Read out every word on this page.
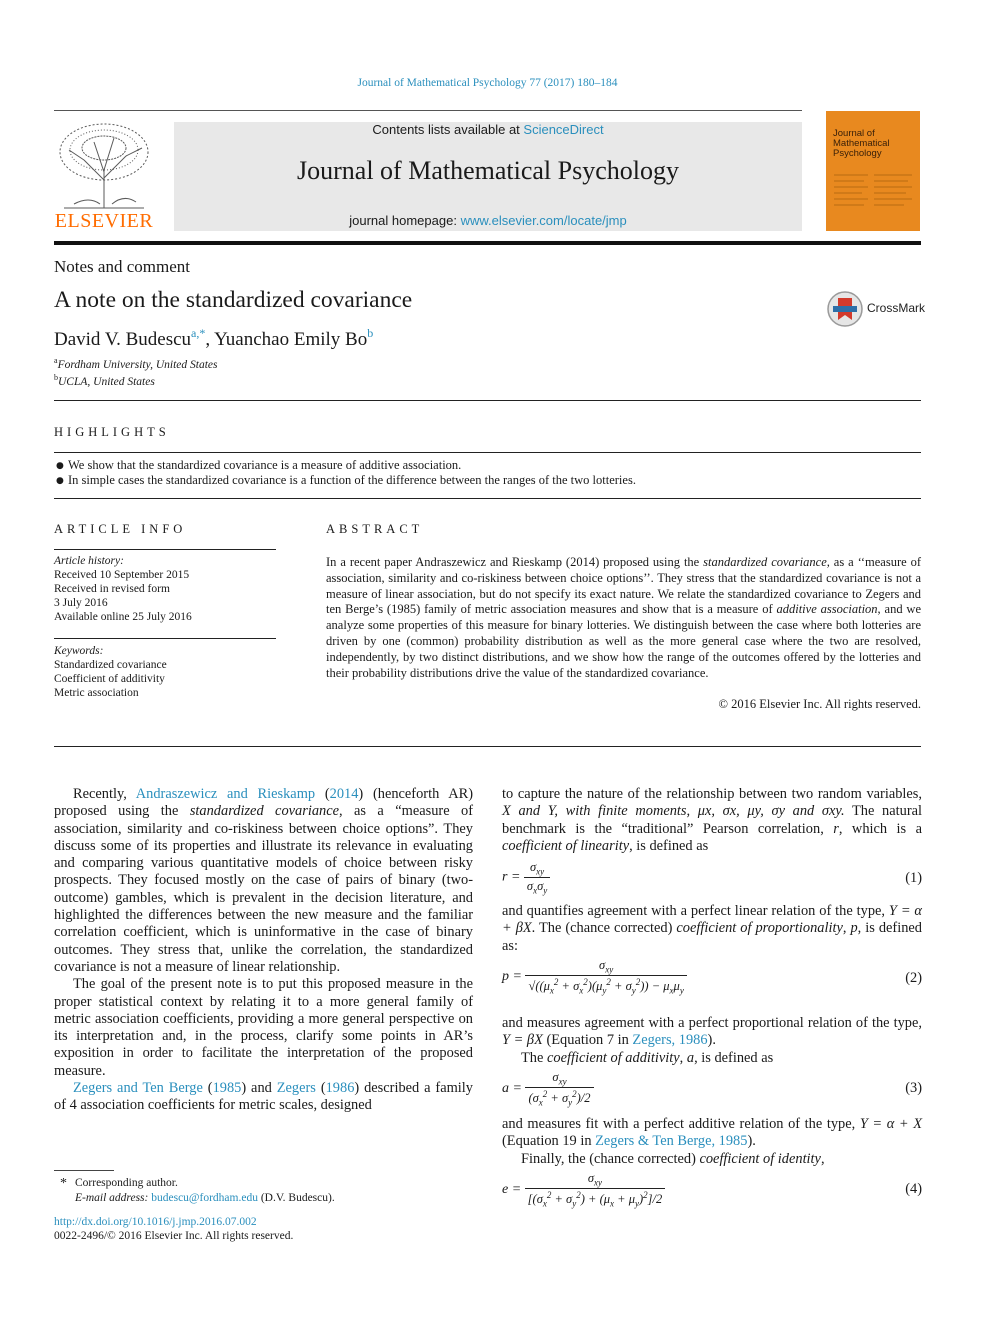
Journal of Mathematical Psychology 77 (2017) 180–184
ELSEVIER
Contents lists available at ScienceDirect
Journal of Mathematical Psychology
journal homepage: www.elsevier.com/locate/jmp
Journal of Mathematical Psychology
Notes and comment
A note on the standardized covariance
David V. Budescu$^{a,*}$, Yuanchao Emily Bo$^b$
$^a$Fordham University, United States
$^b$UCLA, United States
CrossMark
HIGHLIGHTS
● We show that the standardized covariance is a measure of additive association.
● In simple cases the standardized covariance is a function of the difference between the ranges of the two lotteries.
ARTICLE INFO
Article history:
Received 10 September 2015
Received in revised form
3 July 2016
Available online 25 July 2016
Keywords:
Standardized covariance
Coefficient of additivity
Metric association
ABSTRACT
In a recent paper Andraszewicz and Rieskamp (2014) proposed using the standardized covariance, as a ‘‘measure of association, similarity and co-riskiness between choice options’’. They stress that the standardized covariance is not a measure of linear association, but do not specify its exact nature. We relate the standardized covariance to Zegers and ten Berge’s (1985) family of metric association measures and show that is a measure of additive association, and we analyze some properties of this measure for binary lotteries. We distinguish between the case where both lotteries are driven by one (common) probability distribution as well as the more general case where the two are resolved, independently, by two distinct distributions, and we show how the range of the outcomes offered by the lotteries and their probability distributions drive the value of the standardized covariance.
© 2016 Elsevier Inc. All rights reserved.

Recently, Andraszewicz and Rieskamp (2014) (henceforth AR) proposed using the standardized covariance, as a “measure of association, similarity and co-riskiness between choice options”. They discuss some of its properties and illustrate its relevance in evaluating and comparing various quantitative models of choice between risky prospects. They focused mostly on the case of pairs of binary (two-outcome) gambles, which is prevalent in the decision literature, and highlighted the differences between the new measure and the familiar correlation coefficient, which is uninformative in the case of binary outcomes. They stress that, unlike the correlation, the standardized covariance is not a measure of linear relationship.

The goal of the present note is to put this proposed measure in the proper statistical context by relating it to a more general family of metric association coefficients, providing a more general perspective on its interpretation and, in the process, clarify some points in AR’s exposition in order to facilitate the interpretation of the proposed measure.

Zegers and Ten Berge (1985) and Zegers (1986) described a family of 4 association coefficients for metric scales, designed

to capture the nature of the relationship between two random variables, X and Y, with finite moments, μx, σx, μy, σy and σxy. The natural benchmark is the “traditional” Pearson correlation, r, which is a coefficient of linearity, is defined as
$r = \frac{\sigma_{xy}}{\sigma_x\sigma_y}$	(1)
and quantifies agreement with a perfect linear relation of the type, Y = α + βX. The (chance corrected) coefficient of proportionality, p, is defined as:
$p = \frac{\sigma_{xy}}{√((\mu_x^2 + \sigma_x^2)(\mu_y^2 + \sigma_y^2)) - \mu_x\mu_y}$	(2)

and measures agreement with a perfect proportional relation of the type, Y = βX (Equation 7 in Zegers, 1986).

The coefficient of additivity, a, is defined as

$a = \frac{\sigma_{xy}}{(\sigma_x^2 + \sigma_y^2)/2}$	(3)

and measures fit with a perfect additive relation of the type, Y = α + X (Equation 19 in Zegers & Ten Berge, 1985).

Finally, the (chance corrected) coefficient of identity,

$e = \frac{\sigma_{xy}}{[(\sigma_x^2 + \sigma_y^2) + (\mu_x + \mu_y)^2]/2}$	(4)
* Corresponding author.
E-mail address: budescu@fordham.edu (D.V. Budescu).
http://dx.doi.org/10.1016/j.jmp.2016.07.002
0022-2496/© 2016 Elsevier Inc. All rights reserved.
